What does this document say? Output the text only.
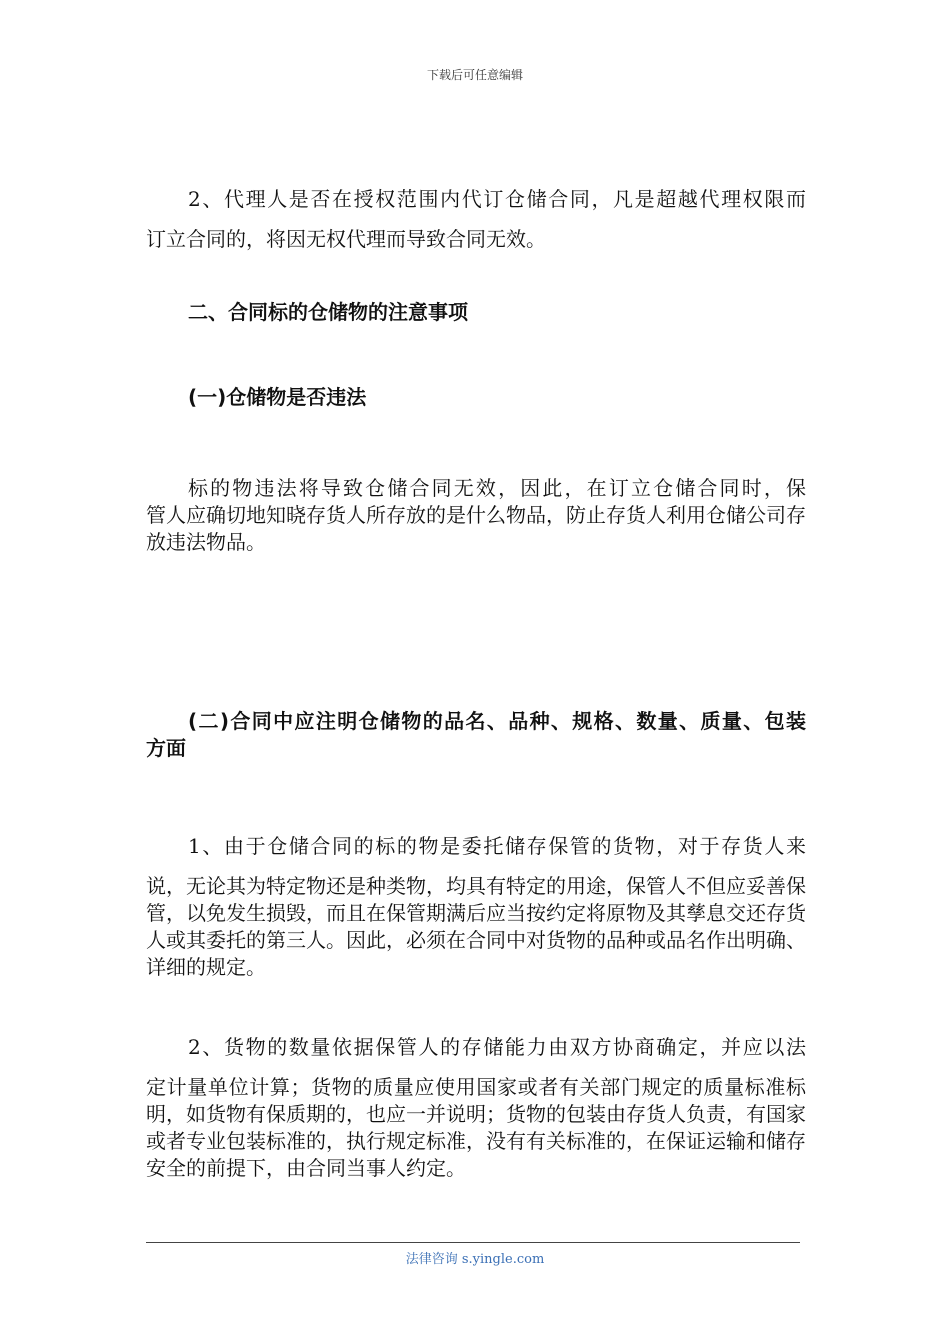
下载后可任意编辑
2、代理人是否在授权范围内代订仓储合同，凡是超越代理权限而
订立合同的，将因无权代理而导致合同无效。
二、合同标的仓储物的注意事项
(一)仓储物是否违法
标的物违法将导致仓储合同无效，因此，在订立仓储合同时，保
管人应确切地知晓存货人所存放的是什么物品，防止存货人利用仓储公司存放违法物品。
(二)合同中应注明仓储物的品名、品种、规格、数量、质量、包装
方面
1、由于仓储合同的标的物是委托储存保管的货物，对于存货人来
说，无论其为特定物还是种类物，均具有特定的用途，保管人不但应妥善保管，以免发生损毁，而且在保管期满后应当按约定将原物及其孳息交还存货人或其委托的第三人。因此，必须在合同中对货物的品种或品名作出明确、详细的规定。
2、货物的数量依据保管人的存储能力由双方协商确定，并应以法
定计量单位计算；货物的质量应使用国家或者有关部门规定的质量标准标明，如货物有保质期的，也应一并说明；货物的包装由存货人负责，有国家或者专业包装标准的，执行规定标准，没有有关标准的，在保证运输和储存安全的前提下，由合同当事人约定。
法律咨询 s.yingle.com
